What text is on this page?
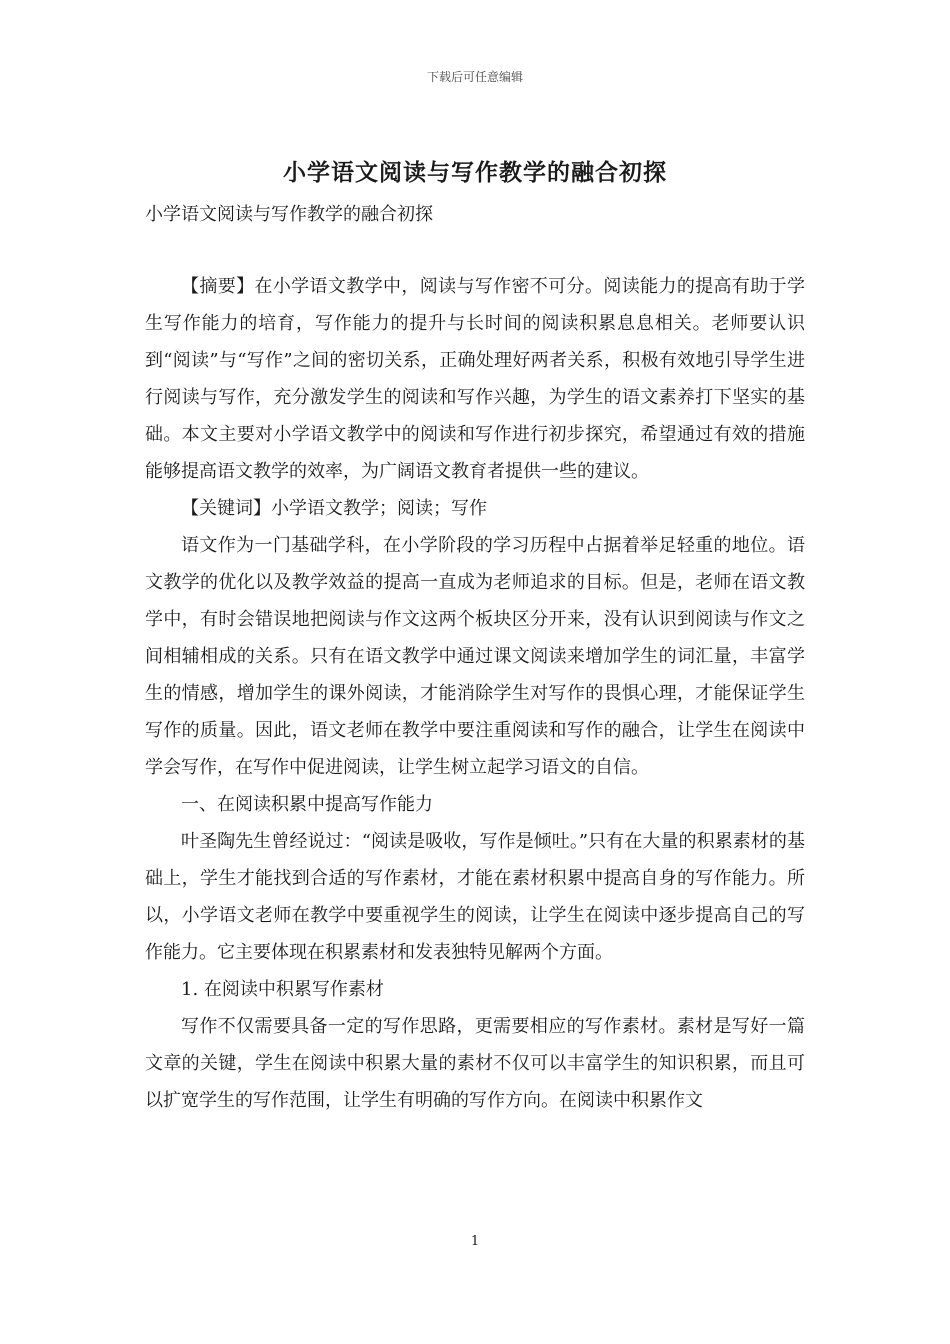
下载后可任意编辑
小学语文阅读与写作教学的融合初探
小学语文阅读与写作教学的融合初探

【摘要】在小学语文教学中，阅读与写作密不可分。阅读能力的提高有助于学生写作能力的培育，写作能力的提升与长时间的阅读积累息息相关。老师要认识到“阅读”与“写作”之间的密切关系，正确处理好两者关系，积极有效地引导学生进行阅读与写作，充分激发学生的阅读和写作兴趣，为学生的语文素养打下坚实的基础。本文主要对小学语文教学中的阅读和写作进行初步探究，希望通过有效的措施能够提高语文教学的效率，为广阔语文教育者提供一些的建议。

【关键词】小学语文教学；阅读；写作

语文作为一门基础学科，在小学阶段的学习历程中占据着举足轻重的地位。语文教学的优化以及教学效益的提高一直成为老师追求的目标。但是，老师在语文教学中，有时会错误地把阅读与作文这两个板块区分开来，没有认识到阅读与作文之间相辅相成的关系。只有在语文教学中通过课文阅读来增加学生的词汇量，丰富学生的情感，增加学生的课外阅读，才能消除学生对写作的畏惧心理，才能保证学生写作的质量。因此，语文老师在教学中要注重阅读和写作的融合，让学生在阅读中学会写作，在写作中促进阅读，让学生树立起学习语文的自信。

一、在阅读积累中提高写作能力

叶圣陶先生曾经说过：“阅读是吸收，写作是倾吐。”只有在大量的积累素材的基础上，学生才能找到合适的写作素材，才能在素材积累中提高自身的写作能力。所以，小学语文老师在教学中要重视学生的阅读，让学生在阅读中逐步提高自己的写作能力。它主要体现在积累素材和发表独特见解两个方面。

1. 在阅读中积累写作素材

写作不仅需要具备一定的写作思路，更需要相应的写作素材。素材是写好一篇文章的关键，学生在阅读中积累大量的素材不仅可以丰富学生的知识积累，而且可以扩宽学生的写作范围，让学生有明确的写作方向。在阅读中积累作文

1
